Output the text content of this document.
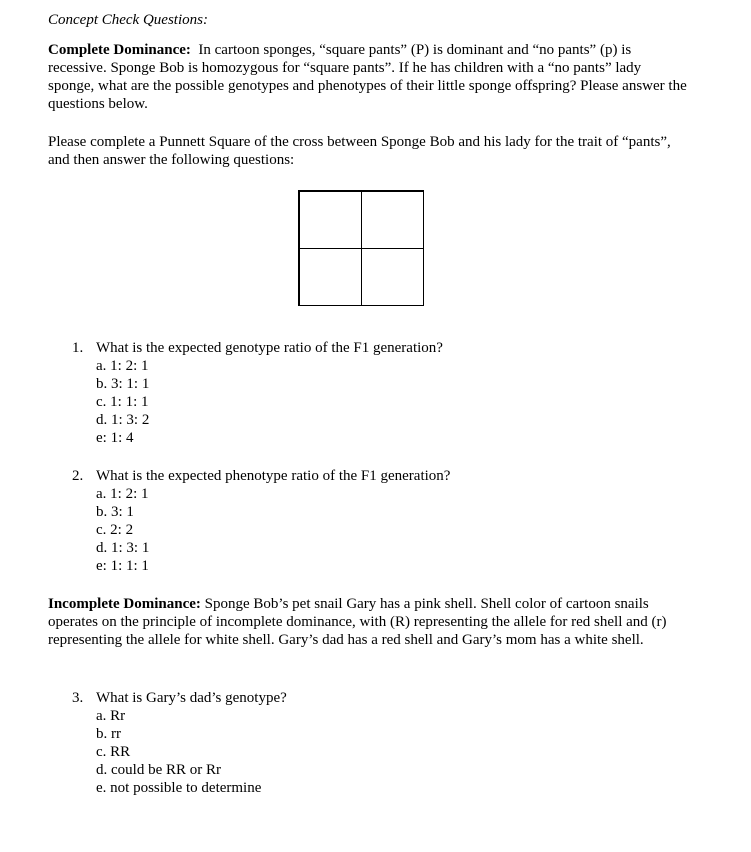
Concept Check Questions:
Complete Dominance:  In cartoon sponges, “square pants” (P) is dominant and “no pants” (p) is recessive. Sponge Bob is homozygous for “square pants”. If he has children with a “no pants” lady sponge, what are the possible genotypes and phenotypes of their little sponge offspring? Please answer the questions below.
Please complete a Punnett Square of the cross between Sponge Bob and his lady for the trait of “pants”, and then answer the following questions:
1. What is the expected genotype ratio of the F1 generation?
a. 1: 2: 1
b. 3: 1: 1
c. 1: 1: 1
d. 1: 3: 2
e: 1: 4
2. What is the expected phenotype ratio of the F1 generation?
a. 1: 2: 1
b. 3: 1
c. 2: 2
d. 1: 3: 1
e: 1: 1: 1
Incomplete Dominance: Sponge Bob’s pet snail Gary has a pink shell. Shell color of cartoon snails operates on the principle of incomplete dominance, with (R) representing the allele for red shell and (r) representing the allele for white shell. Gary’s dad has a red shell and Gary’s mom has a white shell.
3. What is Gary’s dad’s genotype?
a. Rr
b. rr
c. RR
d. could be RR or Rr
e. not possible to determine
